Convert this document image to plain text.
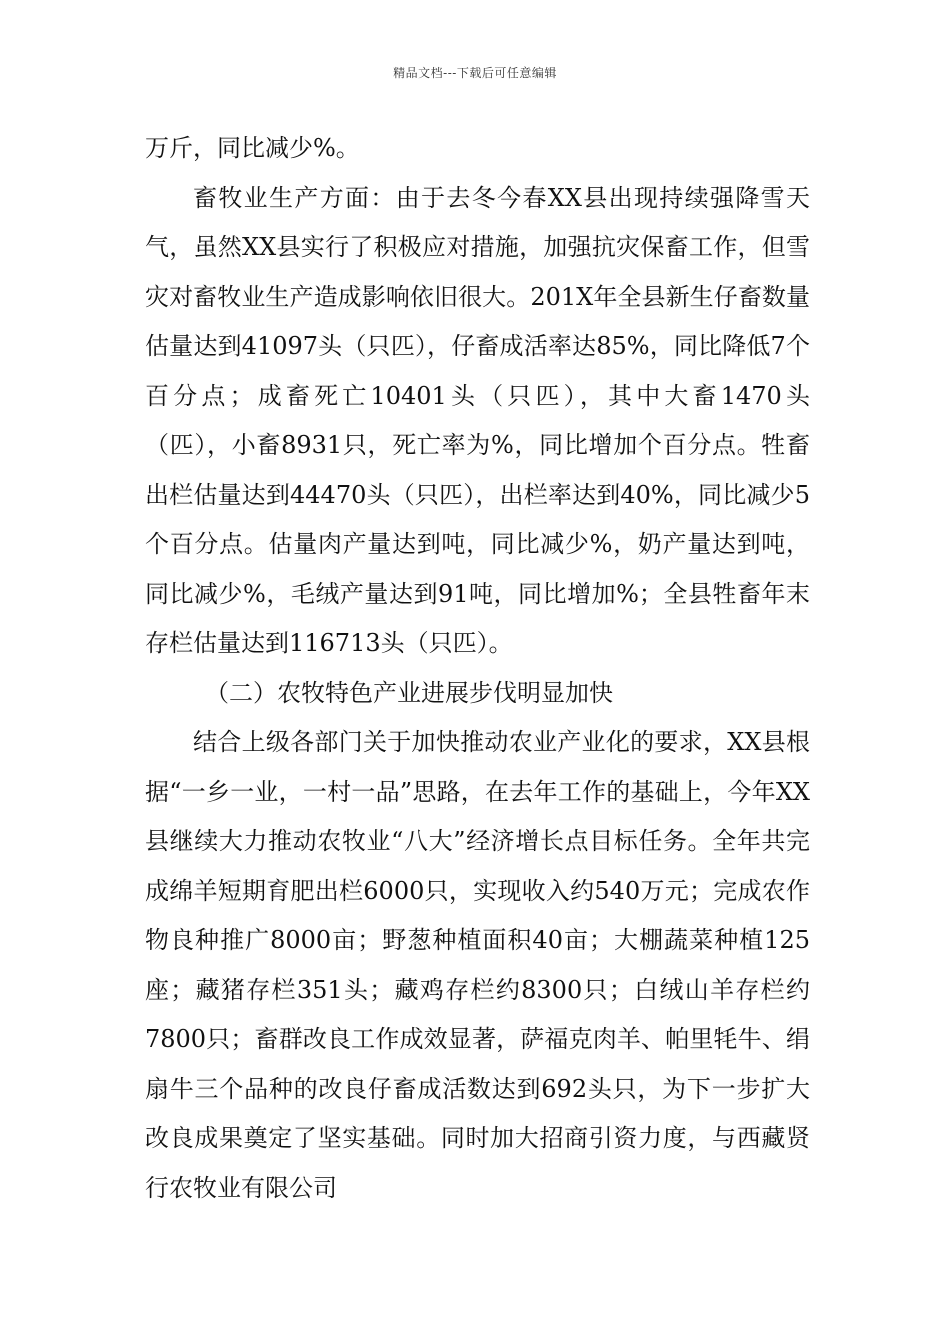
精品文档---下载后可任意编辑

万斤，同比减少%。

畜牧业生产方面：由于去冬今春XX县出现持续强降雪天气，虽然XX县实行了积极应对措施，加强抗灾保畜工作，但雪灾对畜牧业生产造成影响依旧很大。201X年全县新生仔畜数量估量达到41097头（只匹），仔畜成活率达85%，同比降低7个百分点；成畜死亡10401头（只匹），其中大畜1470头（匹），小畜8931只，死亡率为%，同比增加个百分点。牲畜出栏估量达到44470头（只匹），出栏率达到40%，同比减少5个百分点。估量肉产量达到吨，同比减少%，奶产量达到吨，同比减少%，毛绒产量达到91吨，同比增加%；全县牲畜年末存栏估量达到116713头（只匹）。

（二）农牧特色产业进展步伐明显加快

结合上级各部门关于加快推动农业产业化的要求，XX县根据“一乡一业，一村一品”思路，在去年工作的基础上，今年XX县继续大力推动农牧业“八大”经济增长点目标任务。全年共完成绵羊短期育肥出栏6000只，实现收入约540万元；完成农作物良种推广8000亩；野葱种植面积40亩；大棚蔬菜种植125座；藏猪存栏351头；藏鸡存栏约8300只；白绒山羊存栏约7800只；畜群改良工作成效显著，萨福克肉羊、帕里牦牛、绢扇牛三个品种的改良仔畜成活数达到692头只，为下一步扩大改良成果奠定了坚实基础。同时加大招商引资力度，与西藏贤行农牧业有限公司
